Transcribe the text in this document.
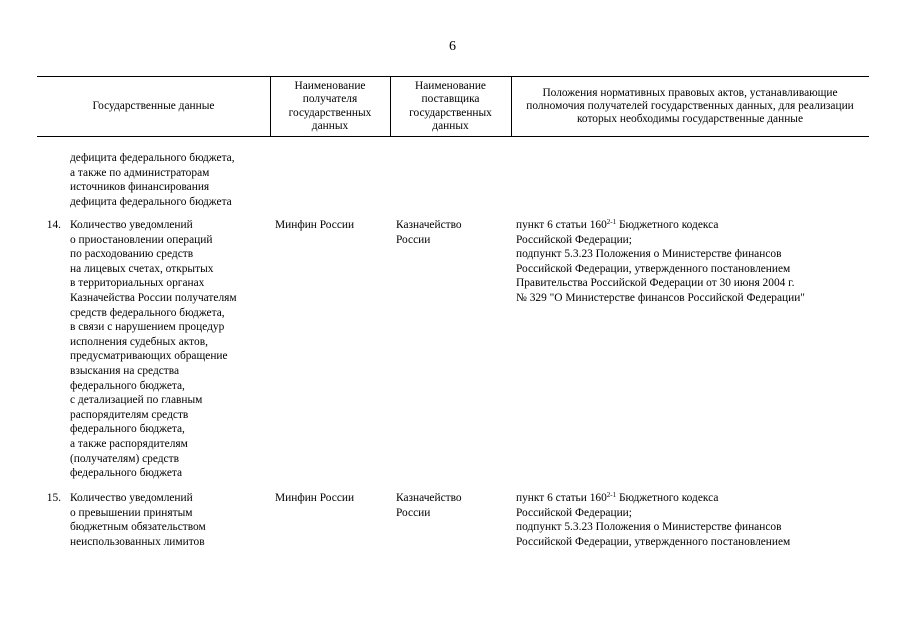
6
Государственные данные
Наименование получателя государственных данных
Наименование поставщика государственных данных
Положения нормативных правовых актов, устанавливающие полномочия получателей государственных данных, для реализации которых необходимы государственные данные
дефицита федерального бюджета,
а также по администраторам
источников финансирования
дефицита федерального бюджета
14. Количество уведомлений
о приостановлении операций
по расходованию средств
на лицевых счетах, открытых
в территориальных органах
Казначейства России получателям
средств федерального бюджета,
в связи с нарушением процедур
исполнения судебных актов,
предусматривающих обращение
взыскания на средства
федерального бюджета,
с детализацией по главным
распорядителям средств
федерального бюджета,
а также распорядителям
(получателям) средств
федерального бюджета
Минфин России	Казначейство
России
пункт 6 статьи 160$^{2-1}$ Бюджетного кодекса
Российской Федерации;
подпункт 5.3.23 Положения о Министерстве финансов
Российской Федерации, утвержденного постановлением
Правительства Российской Федерации от 30 июня 2004 г.
№ 329 "О Министерстве финансов Российской Федерации"
15. Количество уведомлений
о превышении принятым
бюджетным обязательством
неиспользованных лимитов
Минфин России	Казначейство
России
пункт 6 статьи 160$^{2-1}$ Бюджетного кодекса
Российской Федерации;
подпункт 5.3.23 Положения о Министерстве финансов
Российской Федерации, утвержденного постановлением
